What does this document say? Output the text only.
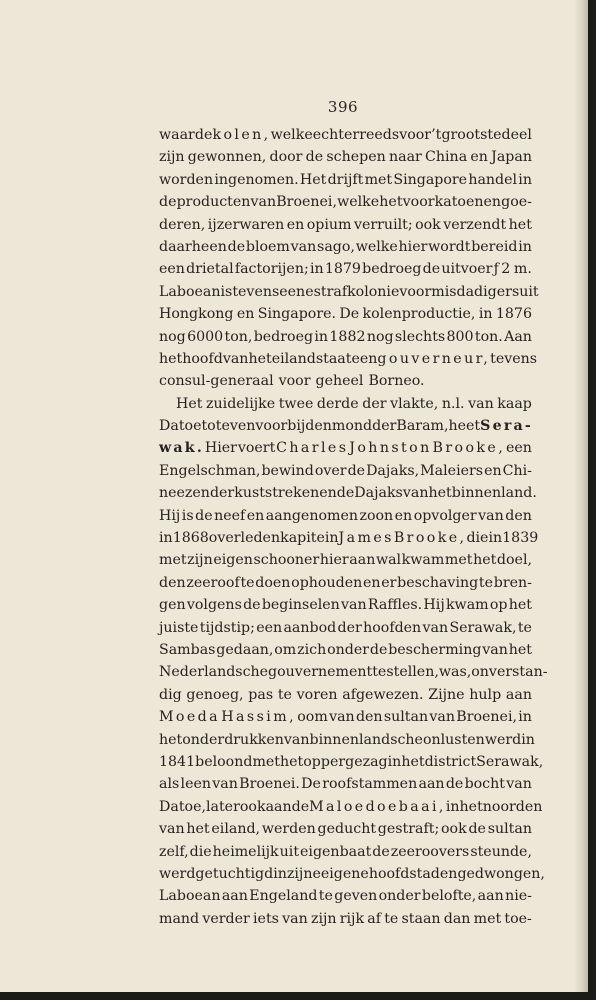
396
waar de kolen, welke echter reeds voor ’t grootste deel
zijn gewonnen, door de schepen naar China en Japan
worden ingenomen. Het drijft met Singapore handel in
de producten van Broenei, welke het voor katoenen goe-
deren, ijzerwaren en opium verruilt; ook verzendt het
daarheen de bloem van sago, welke hier wordt bereid in
een drietal factorijen; in 1879 bedroeg de uitvoer ƒ2 m.
Laboean is tevens eene strafkolonie voor misdadigers uit
Hongkong en Singapore. De kolenproductie, in 1876
nog 6000 ton, bedroeg in 1882 nog slechts 800 ton. Aan
het hoofd van het eiland staat een gouverneur, tevens
consul-generaal voor geheel Borneo.
Het zuidelijke twee derde der vlakte, n.l. van kaap
Datoe tot even voorbij den mond der Baram, heet Sera-
wak. Hier voert Charles Johnston Brooke, een
Engelschman, bewind over de Dajaks, Maleiers en Chi-
neezen der kuststreken en de Dajaks van het binnenland.
Hij is de neef en aangenomen zoon en opvolger van den
in 1868 overleden kapitein James Brooke, die in 1839
met zijn eigen schooner hier aan wal kwam met het doel,
den zeeroof te doen ophouden en er beschaving te bren-
gen volgens de beginselen van Raffles. Hij kwam op het
juiste tijdstip; een aanbod der hoofden van Serawak, te
Sambas gedaan, om zich onder de bescherming van het
Nederlandsche gouvernement te stellen, was, onverstan-
dig genoeg, pas te voren afgewezen. Zijne hulp aan
Moeda Hassim, oom van den sultan van Broenei, in
het onderdrukken van binnenlandsche onlusten werd in
1841 beloond met het oppergezag in het district Serawak,
als leen van Broenei. De roofstammen aan de bocht van
Datoe, later ook aan de Maloedoe baai, in het noorden
van het eiland, werden geducht gestraft; ook de sultan
zelf, die heimelijk uit eigenbaat de zeeroovers steunde,
werd getuchtigd in zijne eigene hoofdstad en gedwongen,
Laboean aan Engeland te geven onder belofte, aan nie-
mand verder iets van zijn rijk af te staan dan met toe-
